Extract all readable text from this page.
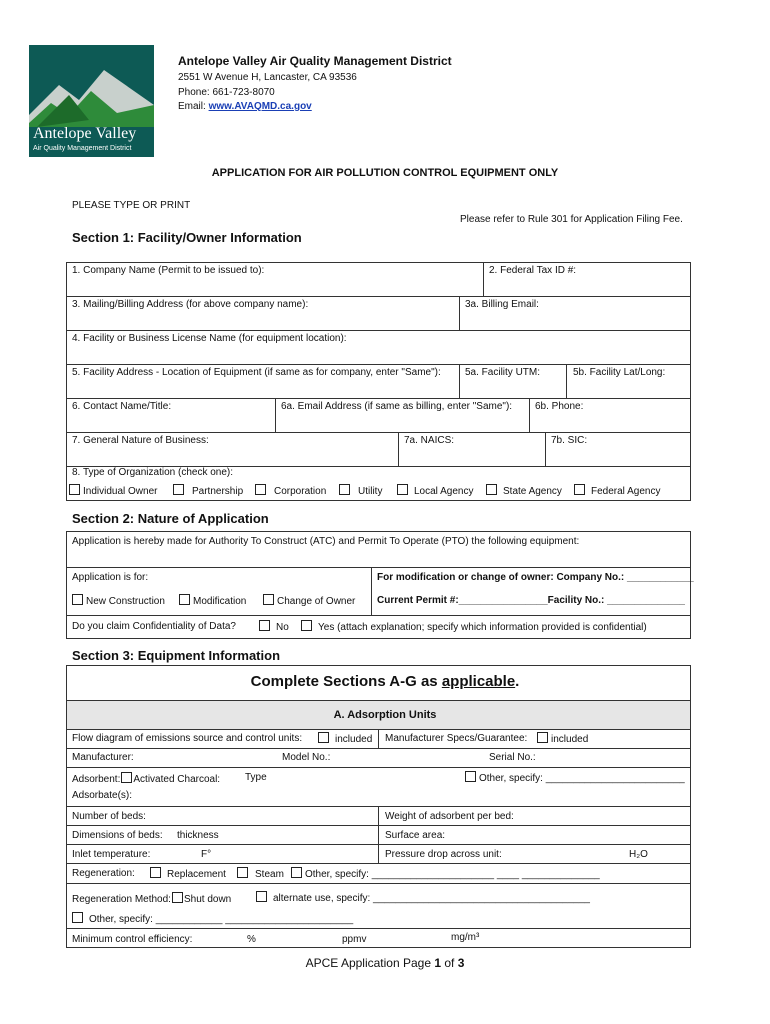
Antelope Valley
Air Quality Management District
Antelope Valley Air Quality Management District
2551 W Avenue H, Lancaster, CA 93536
Phone: 661-723-8070
Email: www.AVAQMD.ca.gov
APPLICATION FOR AIR POLLUTION CONTROL EQUIPMENT ONLY
PLEASE TYPE OR PRINT
Please refer to Rule 301 for Application Filing Fee.
Section 1: Facility/Owner Information
1. Company Name (Permit to be issued to):	2. Federal Tax ID #:
3. Mailing/Billing Address (for above company name):	3a. Billing Email:
4. Facility or Business License Name (for equipment location):
5. Facility Address - Location of Equipment (if same as for company, enter "Same"): 5a. Facility UTM:	5b. Facility Lat/Long:
6. Contact Name/Title:	6a. Email Address (if same as billing, enter "Same"): 6b. Phone:
7. General Nature of Business:	7a. NAICS:	7b. SIC:
8. Type of Organization (check one):
Individual Owner	Partnership	Corporation	Utility	Local Agency	State Agency	Federal Agency
Section 2: Nature of Application
Application is hereby made for Authority To Construct (ATC) and Permit To Operate (PTO) the following equipment:
Application is for:	For modification or change of owner: Company No.: ____________
New Construction	Modification	Change of Owner Current Permit #:________________Facility No.: ______________
Do you claim Confidentiality of Data?	No	Yes (attach explanation; specify which information provided is confidential)
Section 3: Equipment Information
Complete Sections A-G as applicable.
A. Adsorption Units
Flow diagram of emissions source and control units:	included Manufacturer Specs/Guarantee:	included
Manufacturer:	Model No.:	Serial No.:
Adsorbent: Activated Charcoal: Type	Other, specify: _________________________
Adsorbate(s):
Number of beds:	Weight of adsorbent per bed:
Dimensions of beds: thickness	Surface area:
Inlet temperature:	F°	Pressure drop across unit:	H₂O
Regeneration:	Replacement	Steam	Other, specify: ______________________ ____ ______________
Regeneration Method: Shut down	alternate use, specify: _______________________________________
Other, specify: ____________ _______________________
Minimum control efficiency:	%	ppmv	mg/m³
APCE Application Page 1 of 3
